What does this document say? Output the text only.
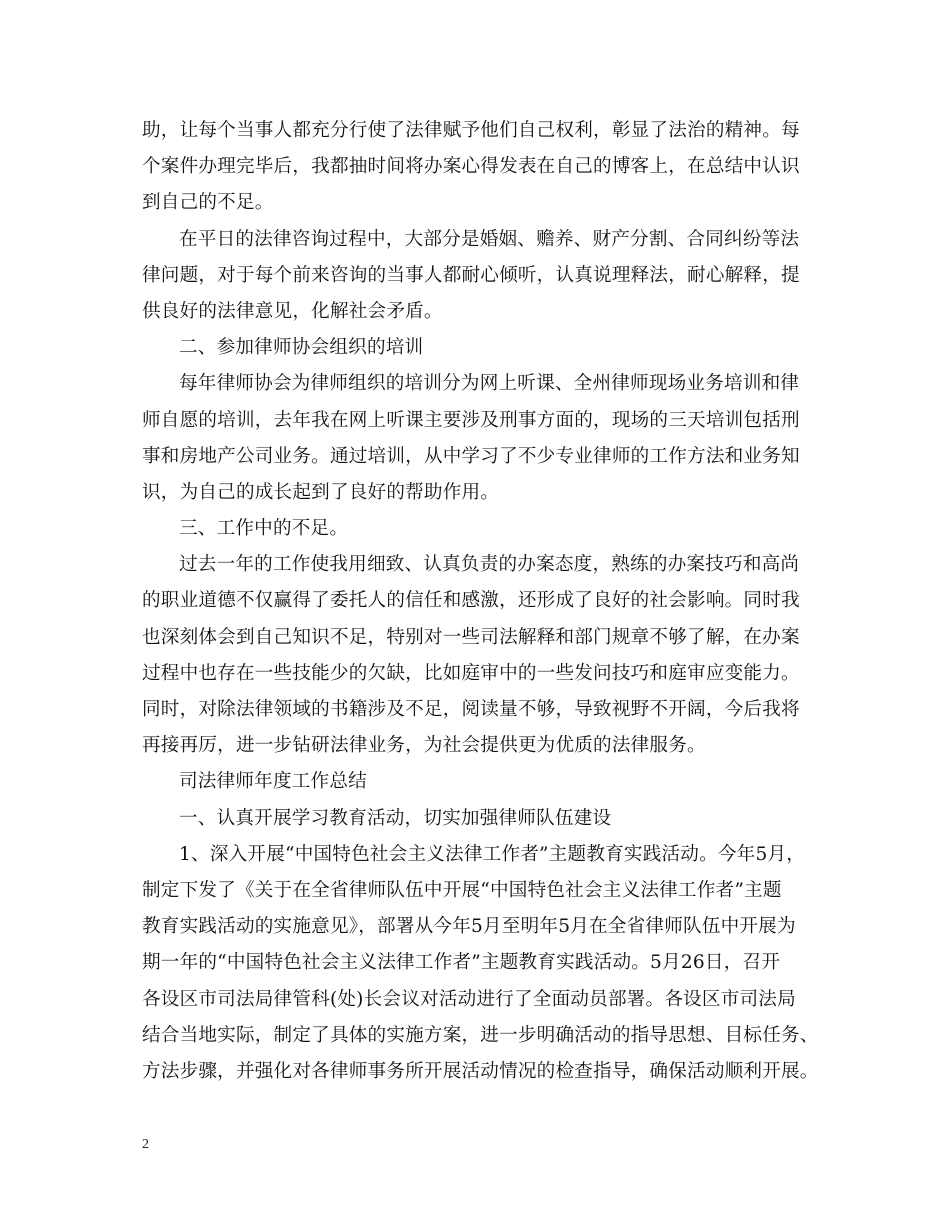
助，让每个当事人都充分行使了法律赋予他们自己权利，彰显了法治的精神。每
个案件办理完毕后，我都抽时间将办案心得发表在自己的博客上，在总结中认识
到自己的不足。
在平日的法律咨询过程中，大部分是婚姻、赡养、财产分割、合同纠纷等法
律问题，对于每个前来咨询的当事人都耐心倾听，认真说理释法，耐心解释，提
供良好的法律意见，化解社会矛盾。
二、参加律师协会组织的培训
每年律师协会为律师组织的培训分为网上听课、全州律师现场业务培训和律
师自愿的培训，去年我在网上听课主要涉及刑事方面的，现场的三天培训包括刑
事和房地产公司业务。通过培训，从中学习了不少专业律师的工作方法和业务知
识，为自己的成长起到了良好的帮助作用。
三、工作中的不足。
过去一年的工作使我用细致、认真负责的办案态度，熟练的办案技巧和高尚
的职业道德不仅赢得了委托人的信任和感激，还形成了良好的社会影响。同时我
也深刻体会到自己知识不足，特别对一些司法解释和部门规章不够了解，在办案
过程中也存在一些技能少的欠缺，比如庭审中的一些发问技巧和庭审应变能力。
同时，对除法律领域的书籍涉及不足，阅读量不够，导致视野不开阔，今后我将
再接再厉，进一步钻研法律业务，为社会提供更为优质的法律服务。
司法律师年度工作总结
一、认真开展学习教育活动，切实加强律师队伍建设
1、深入开展“中国特色社会主义法律工作者”主题教育实践活动。今年5月，
制定下发了《关于在全省律师队伍中开展“中国特色社会主义法律工作者”主题
教育实践活动的实施意见》，部署从今年5月至明年5月在全省律师队伍中开展为
期一年的“中国特色社会主义法律工作者”主题教育实践活动。5月26日，召开
各设区市司法局律管科(处)长会议对活动进行了全面动员部署。各设区市司法局
结合当地实际，制定了具体的实施方案，进一步明确活动的指导思想、目标任务、
方法步骤，并强化对各律师事务所开展活动情况的检查指导，确保活动顺利开展。
2
